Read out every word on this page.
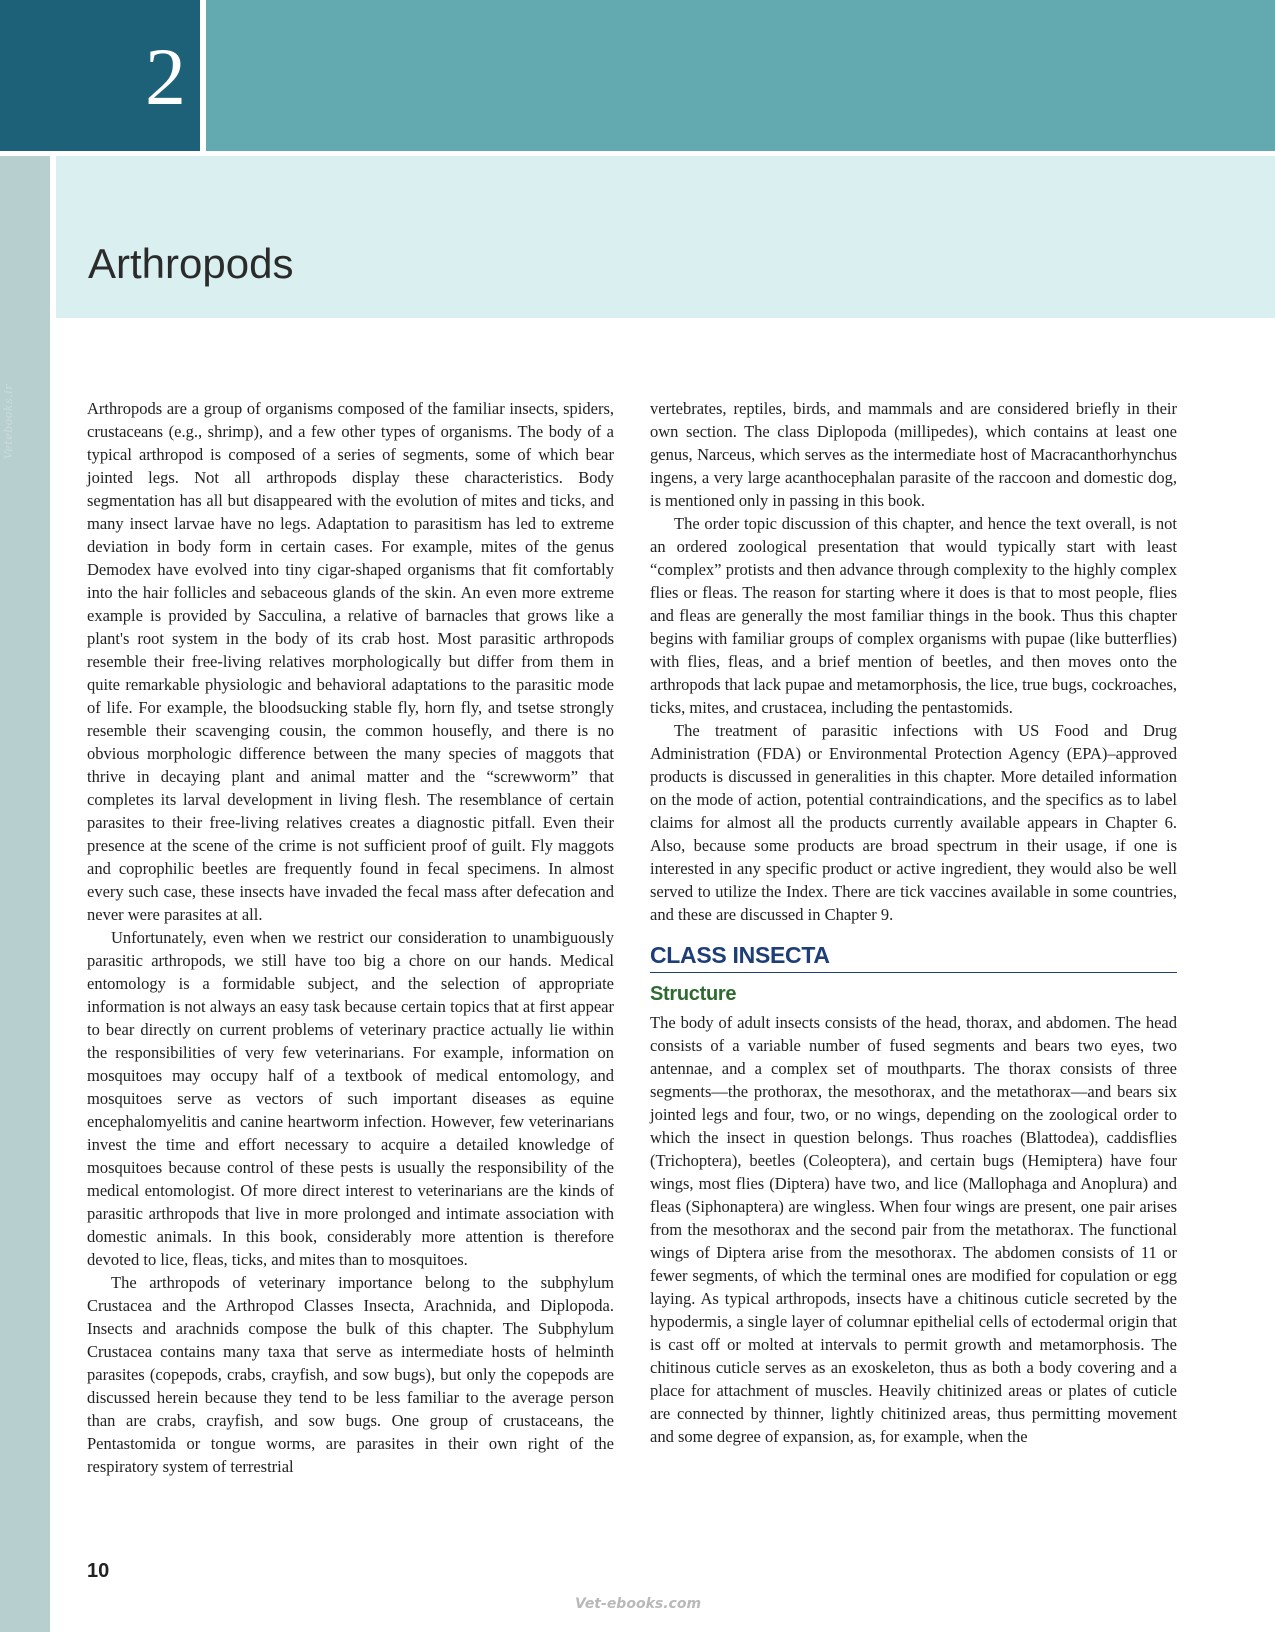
Vetebooks.ir
2
Arthropods

Arthropods are a group of organisms composed of the familiar insects, spiders, crustaceans (e.g., shrimp), and a few other types of organisms. The body of a typical arthropod is composed of a series of segments, some of which bear jointed legs. Not all arthropods display these characteristics. Body segmentation has all but disappeared with the evolution of mites and ticks, and many insect larvae have no legs. Adaptation to parasitism has led to extreme deviation in body form in certain cases. For example, mites of the genus Demodex have evolved into tiny cigar-shaped organisms that fit comfortably into the hair follicles and sebaceous glands of the skin. An even more extreme example is provided by Sacculina, a relative of barnacles that grows like a plant's root system in the body of its crab host. Most parasitic arthropods resemble their free-living relatives morphologically but differ from them in quite remarkable physiologic and behavioral adaptations to the parasitic mode of life. For example, the bloodsucking stable fly, horn fly, and tsetse strongly resemble their scavenging cousin, the common housefly, and there is no obvious morphologic difference between the many species of maggots that thrive in decaying plant and animal matter and the “screwworm” that completes its larval development in living flesh. The resemblance of certain parasites to their free-living relatives creates a diagnostic pitfall. Even their presence at the scene of the crime is not sufficient proof of guilt. Fly maggots and coprophilic beetles are frequently found in fecal specimens. In almost every such case, these insects have invaded the fecal mass after defecation and never were parasites at all.

Unfortunately, even when we restrict our consideration to unambiguously parasitic arthropods, we still have too big a chore on our hands. Medical entomology is a formidable subject, and the selection of appropriate information is not always an easy task because certain topics that at first appear to bear directly on current problems of veterinary practice actually lie within the responsibilities of very few veterinarians. For example, information on mosquitoes may occupy half of a textbook of medical entomology, and mosquitoes serve as vectors of such important diseases as equine encephalomyelitis and canine heartworm infection. However, few veterinarians invest the time and effort necessary to acquire a detailed knowledge of mosquitoes because control of these pests is usually the responsibility of the medical entomologist. Of more direct interest to veterinarians are the kinds of parasitic arthropods that live in more prolonged and intimate association with domestic animals. In this book, considerably more attention is therefore devoted to lice, fleas, ticks, and mites than to mosquitoes.

The arthropods of veterinary importance belong to the subphylum Crustacea and the Arthropod Classes Insecta, Arachnida, and Diplopoda. Insects and arachnids compose the bulk of this chapter. The Subphylum Crustacea contains many taxa that serve as intermediate hosts of helminth parasites (copepods, crabs, crayfish, and sow bugs), but only the copepods are discussed herein because they tend to be less familiar to the average person than are crabs, crayfish, and sow bugs. One group of crustaceans, the Pentastomida or tongue worms, are parasites in their own right of the respiratory system of terrestrial

vertebrates, reptiles, birds, and mammals and are considered briefly in their own section. The class Diplopoda (millipedes), which contains at least one genus, Narceus, which serves as the intermediate host of Macracanthorhynchus ingens, a very large acanthocephalan parasite of the raccoon and domestic dog, is mentioned only in passing in this book.

The order topic discussion of this chapter, and hence the text overall, is not an ordered zoological presentation that would typically start with least “complex” protists and then advance through complexity to the highly complex flies or fleas. The reason for starting where it does is that to most people, flies and fleas are generally the most familiar things in the book. Thus this chapter begins with familiar groups of complex organisms with pupae (like butterflies) with flies, fleas, and a brief mention of beetles, and then moves onto the arthropods that lack pupae and metamorphosis, the lice, true bugs, cockroaches, ticks, mites, and crustacea, including the pentastomids.

The treatment of parasitic infections with US Food and Drug Administration (FDA) or Environmental Protection Agency (EPA)–approved products is discussed in generalities in this chapter. More detailed information on the mode of action, potential contraindications, and the specifics as to label claims for almost all the products currently available appears in Chapter 6. Also, because some products are broad spectrum in their usage, if one is interested in any specific product or active ingredient, they would also be well served to utilize the Index. There are tick vaccines available in some countries, and these are discussed in Chapter 9.

CLASS INSECTA
Structure

The body of adult insects consists of the head, thorax, and abdomen. The head consists of a variable number of fused segments and bears two eyes, two antennae, and a complex set of mouthparts. The thorax consists of three segments—the prothorax, the mesothorax, and the metathorax—and bears six jointed legs and four, two, or no wings, depending on the zoological order to which the insect in question belongs. Thus roaches (Blattodea), caddisflies (Trichoptera), beetles (Coleoptera), and certain bugs (Hemiptera) have four wings, most flies (Diptera) have two, and lice (Mallophaga and Anoplura) and fleas (Siphonaptera) are wingless. When four wings are present, one pair arises from the mesothorax and the second pair from the metathorax. The functional wings of Diptera arise from the mesothorax. The abdomen consists of 11 or fewer segments, of which the terminal ones are modified for copulation or egg laying. As typical arthropods, insects have a chitinous cuticle secreted by the hypodermis, a single layer of columnar epithelial cells of ectodermal origin that is cast off or molted at intervals to permit growth and metamorphosis. The chitinous cuticle serves as an exoskeleton, thus as both a body covering and a place for attachment of muscles. Heavily chitinized areas or plates of cuticle are connected by thinner, lightly chitinized areas, thus permitting movement and some degree of expansion, as, for example, when the

10
Vet-ebooks.com
